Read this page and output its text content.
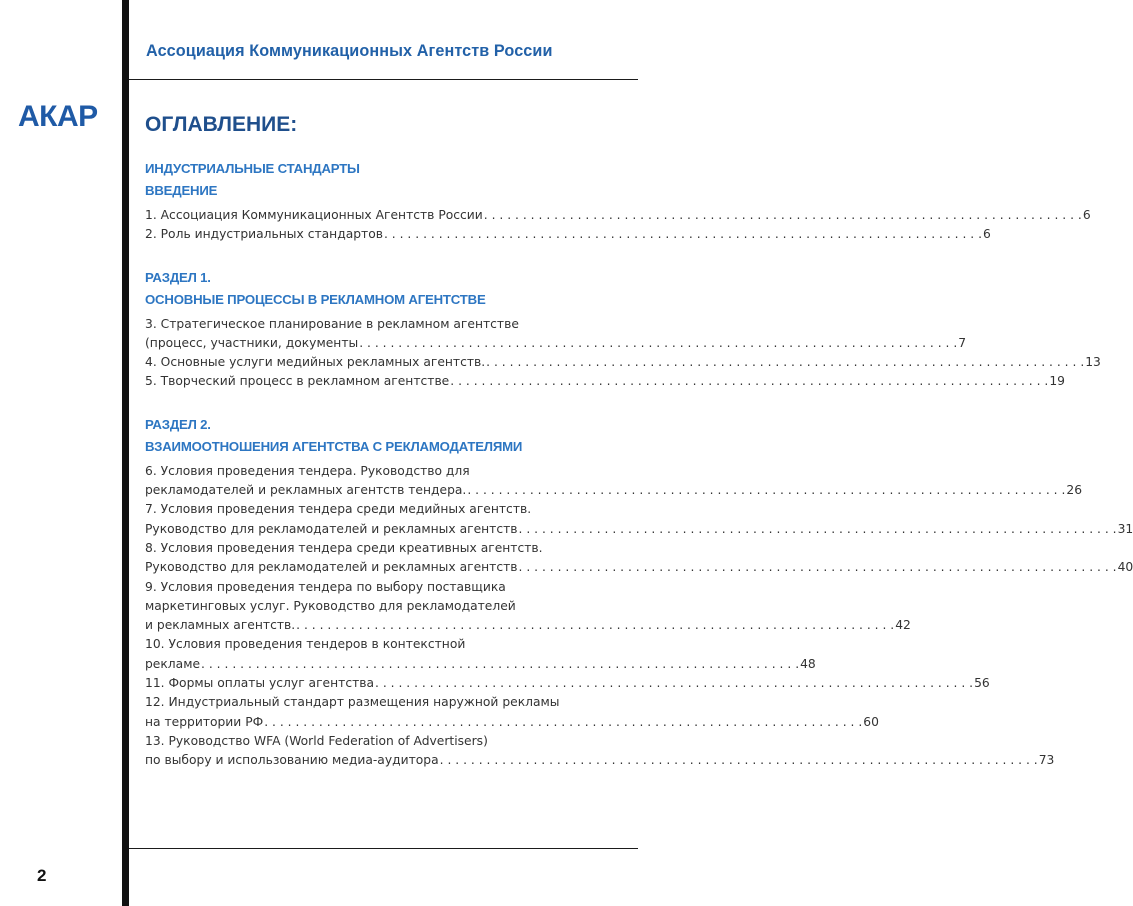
АКАР
2
Ассоциация Коммуникационных Агентств России
ОГЛАВЛЕНИЕ:
ИНДУСТРИАЛЬНЫЕ СТАНДАРТЫ
ВВЕДЕНИЕ
1. Ассоциация Коммуникационных Агентств России . . . . . . . . . . . . . . . . . . . . . . . . . . . . . . . . . . . . . . . . . . . . . . . . . . . . . . . . . . . . . . . . . . . . . . . . . . . . . 6
2. Роль индустриальных стандартов . . . . . . . . . . . . . . . . . . . . . . . . . . . . . . . . . . . . . . . . . . . . . . . . . . . . . . . . . . . . . . . . . . . . . . . . . . . . . 6
РАЗДЕЛ 1.
ОСНОВНЫЕ ПРОЦЕССЫ В РЕКЛАМНОМ АГЕНТСТВЕ
3. Стратегическое планирование в рекламном агентстве
(процесс, участники, документы . . . . . . . . . . . . . . . . . . . . . . . . . . . . . . . . . . . . . . . . . . . . . . . . . . . . . . . . . . . . . . . . . . . . . . . . . . . . . 7
4. Основные услуги медийных рекламных агентств. . . . . . . . . . . . . . . . . . . . . . . . . . . . . . . . . . . . . . . . . . . . . . . . . . . . . . . . . . . . . . . . . . . . . . . . . . . . . . 13
5. Творческий процесс в рекламном агентстве . . . . . . . . . . . . . . . . . . . . . . . . . . . . . . . . . . . . . . . . . . . . . . . . . . . . . . . . . . . . . . . . . . . . . . . . . . . . . 19
РАЗДЕЛ 2.
ВЗАИМООТНОШЕНИЯ АГЕНТСТВА С РЕКЛАМОДАТЕЛЯМИ
6. Условия проведения тендера. Руководство для
рекламодателей и рекламных агентств тендера. . . . . . . . . . . . . . . . . . . . . . . . . . . . . . . . . . . . . . . . . . . . . . . . . . . . . . . . . . . . . . . . . . . . . . . . . . . . . . 26
7. Условия проведения тендера среди медийных агентств.
Руководство для рекламодателей и рекламных агентств . . . . . . . . . . . . . . . . . . . . . . . . . . . . . . . . . . . . . . . . . . . . . . . . . . . . . . . . . . . . . . . . . . . . . . . . . . . . . 31
8. Условия проведения тендера среди креативных агентств.
Руководство для рекламодателей и рекламных агентств . . . . . . . . . . . . . . . . . . . . . . . . . . . . . . . . . . . . . . . . . . . . . . . . . . . . . . . . . . . . . . . . . . . . . . . . . . . . . 40
9. Условия проведения тендера по выбору поставщика
маркетинговых услуг. Руководство для рекламодателей
и рекламных агентств. . . . . . . . . . . . . . . . . . . . . . . . . . . . . . . . . . . . . . . . . . . . . . . . . . . . . . . . . . . . . . . . . . . . . . . . . . . . . . 42
10. Условия проведения тендеров в контекстной
рекламе . . . . . . . . . . . . . . . . . . . . . . . . . . . . . . . . . . . . . . . . . . . . . . . . . . . . . . . . . . . . . . . . . . . . . . . . . . . . . 48
11. Формы оплаты услуг агентства . . . . . . . . . . . . . . . . . . . . . . . . . . . . . . . . . . . . . . . . . . . . . . . . . . . . . . . . . . . . . . . . . . . . . . . . . . . . . 56
12. Индустриальный стандарт размещения наружной рекламы
на территории РФ . . . . . . . . . . . . . . . . . . . . . . . . . . . . . . . . . . . . . . . . . . . . . . . . . . . . . . . . . . . . . . . . . . . . . . . . . . . . . 60
13. Руководство WFA (World Federation of Advertisers)
по выбору и использованию медиа-аудитора . . . . . . . . . . . . . . . . . . . . . . . . . . . . . . . . . . . . . . . . . . . . . . . . . . . . . . . . . . . . . . . . . . . . . . . . . . . . . 73
